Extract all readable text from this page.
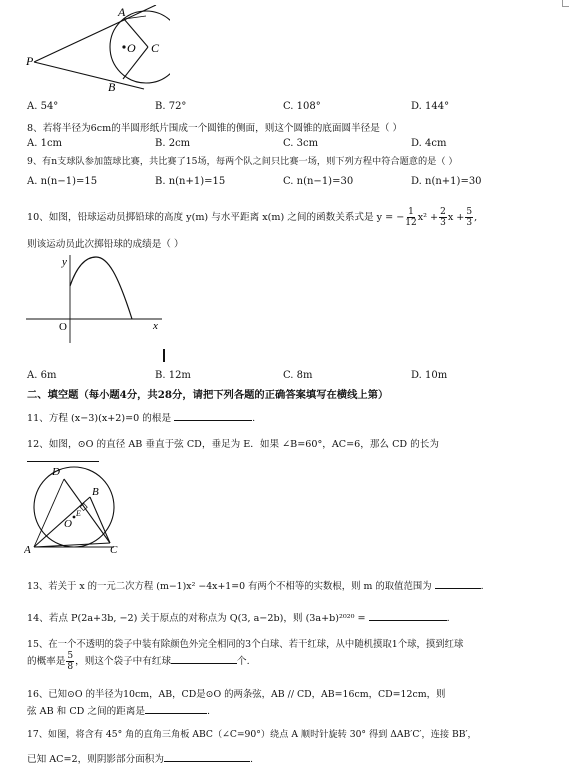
A
B
C
P
O
A. 54°	B. 72°	C. 108°	D. 144°
8、若将半径为6cm的半圆形纸片围成一个圆锥的侧面，则这个圆锥的底面圆半径是（ ）
A. 1cm	B. 2cm	C. 3cm	D. 4cm
9、有n支球队参加篮球比赛，共比赛了15场，每两个队之间只比赛一场，则下列方程中符合题意的是（ ）
A. n(n−1)=15	B. n(n+1)=15	C. n(n−1)=30	D. n(n+1)=30
10、如图，铅球运动员掷铅球的高度 y(m) 与水平距离 x(m) 之间的函数关系式是 y = − $\frac{1}{12} x^2 + \frac{2}{3}$ $x + \frac{5}{3}$ ,
则该运动员此次掷铅球的成绩是（ ）
y
x
O
A. 6m	B. 12m	C. 8m	D. 10m
二、填空题（每小题4分，共28分，请把下列各题的正确答案填写在横线上第）
11、方程 (x−3)(x+2)=0 的根是	.
12、如图，⊙O 的直径 AB 垂直于弦 CD，垂足为 E．如果 ∠B=60°，AC=6，那么 CD 的长为
D
A
B
C
O
E
13、若关于 x 的一元二次方程 (m−1)x² −4x+1=0 有两个不相等的实数根，则 m 的取值范围为	.
14、若点 P(2a+3b, −2) 关于原点的对称点为 Q(3, a−2b)，则 (3a+b)²⁰²⁰ =	.
15、在一个不透明的袋子中装有除颜色外完全相同的3个白球、若干红球，从中随机摸取1个球，摸到红球
的概率是 $\frac{5}{8}$ ，则这个袋子中有红球	个.
16、已知⊙O 的半径为10cm，AB，CD是⊙O 的两条弦，AB // CD，AB=16cm，CD=12cm，则
弦 AB 和 CD 之间的距离是	.
17、如图，将含有 45° 角的直角三角板 ABC（∠C=90°）绕点 A 顺时针旋转 30° 得到 ΔAB′C′，连接 BB′，
已知 AC=2，则阴影部分面积为	.
